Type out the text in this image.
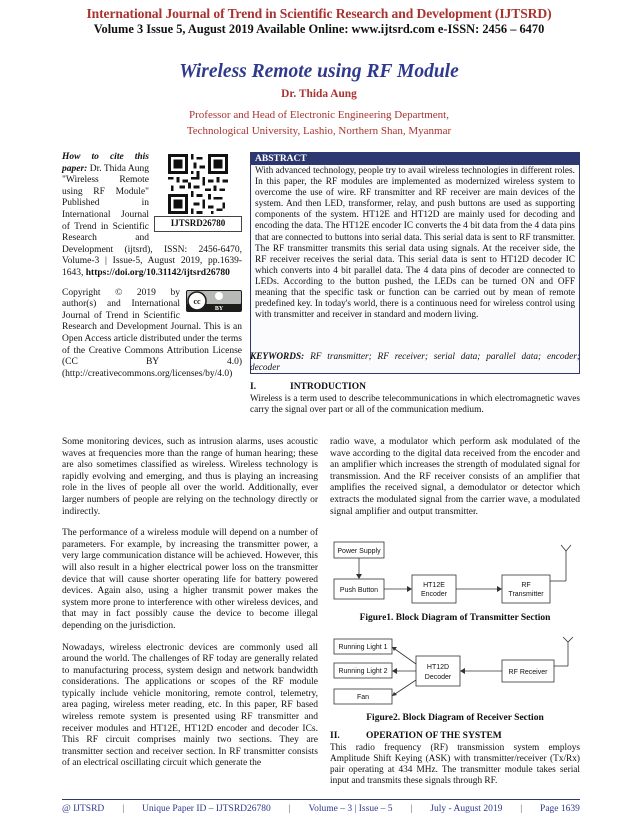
International Journal of Trend in Scientific Research and Development (IJTSRD)
Volume 3 Issue 5, August 2019 Available Online: www.ijtsrd.com e-ISSN: 2456 – 6470
Wireless Remote using RF Module
Dr. Thida Aung
Professor and Head of Electronic Engineering Department,
Technological University, Lashio, Northern Shan, Myanmar

IJTSRD26780
How to cite this paper: Dr. Thida Aung "Wireless Remote using RF Module" Published in International Journal of Trend in Scientific Research and Development (ijtsrd), ISSN: 2456-6470, Volume-3 | Issue-5, August 2019, pp.1639-1643, https://doi.org/10.31142/ijtsrd26780

cc
BY
Copyright © 2019 by author(s) and International Journal of Trend in Scientific Research and Development Journal. This is an Open Access article distributed under the terms of the Creative Commons Attribution License (CC BY 4.0) (http://creativecommons.org/licenses/by/4.0)

ABSTRACT
With advanced technology, people try to avail wireless technologies in different roles. In this paper, the RF modules are implemented as modernized wireless system to overcome the use of wire. RF transmitter and RF receiver are main devices of the system. And then LED, transformer, relay, and push buttons are used as supporting components of the system. HT12E and HT12D are mainly used for decoding and encoding the data. The HT12E encoder IC converts the 4 bit data from the 4 data pins that are connected to buttons into serial data. This serial data is sent to RF transmitter. The RF transmitter transmits this serial data using signals. At the receiver side, the RF receiver receives the serial data. This serial data is sent to HT12D decoder IC which converts into 4 bit parallel data. The 4 data pins of decoder are connected to LEDs. According to the button pushed, the LEDs can be turned ON and OFF meaning that the specific task or function can be carried out by mean of remote predefined key. In today's world, there is a continuous need for wireless control using with transmitter and receiver in standard and modern living.
KEYWORDS: RF transmitter; RF receiver; serial data; parallel data; encoder; decoder
I.	INTRODUCTION
Wireless is a term used to describe telecommunications in which electromagnetic waves carry the signal over part or all of the communication medium.

Some monitoring devices, such as intrusion alarms, uses acoustic waves at frequencies more than the range of human hearing; these are also sometimes classified as wireless. Wireless technology is rapidly evolving and emerging, and thus is playing an increasing role in the lives of people all over the world. Additionally, ever larger numbers of people are relying on the technology directly or indirectly.

The performance of a wireless module will depend on a number of parameters. For example, by increasing the transmitter power, a very large communication distance will be achieved. However, this will also result in a higher electrical power loss on the transmitter device that will cause shorter operating life for battery powered devices. Again also, using a higher transmit power makes the system more prone to interference with other wireless devices, and that may in fact possibly cause the device to become illegal depending on the jurisdiction.

Nowadays, wireless electronic devices are commonly used all around the world. The challenges of RF today are generally related to manufacturing process, system design and network bandwidth considerations. The applications or scopes of the RF module typically include vehicle monitoring, remote control, telemetry, area paging, wireless meter reading, etc. In this paper, RF based wireless remote system is presented using RF transmitter and receiver modules and HT12E, HT12D encoder and decoder ICs. This RF circuit comprises mainly two sections. They are transmitter section and receiver section. In RF transmitter consists of an electrical oscillating circuit which generate the

radio wave, a modulator which perform ask modulated of the wave according to the digital data received from the encoder and an amplifier which increases the strength of modulated signal for transmission. And the RF receiver consists of an amplifier that amplifies the received signal, a demodulator or detector which extracts the modulated signal from the carrier wave, a modulated signal amplifier and output transmitter.

Power Supply
Push Button
HT12E
Encoder
RF
Transmitter
Figure1. Block Diagram of Transmitter Section
Running Light 1
Running Light 2
Fan
HT12D
Decoder
RF Receiver
Figure2. Block Diagram of Receiver Section
II.	OPERATION OF THE SYSTEM
This radio frequency (RF) transmission system employs Amplitude Shift Keying (ASK) with transmitter/receiver (Tx/Rx) pair operating at 434 MHz. The transmitter module takes serial input and transmits these signals through RF.
@ IJTSRD | Unique Paper ID – IJTSRD26780 | Volume – 3 | Issue – 5 | July - August 2019 | Page 1639
